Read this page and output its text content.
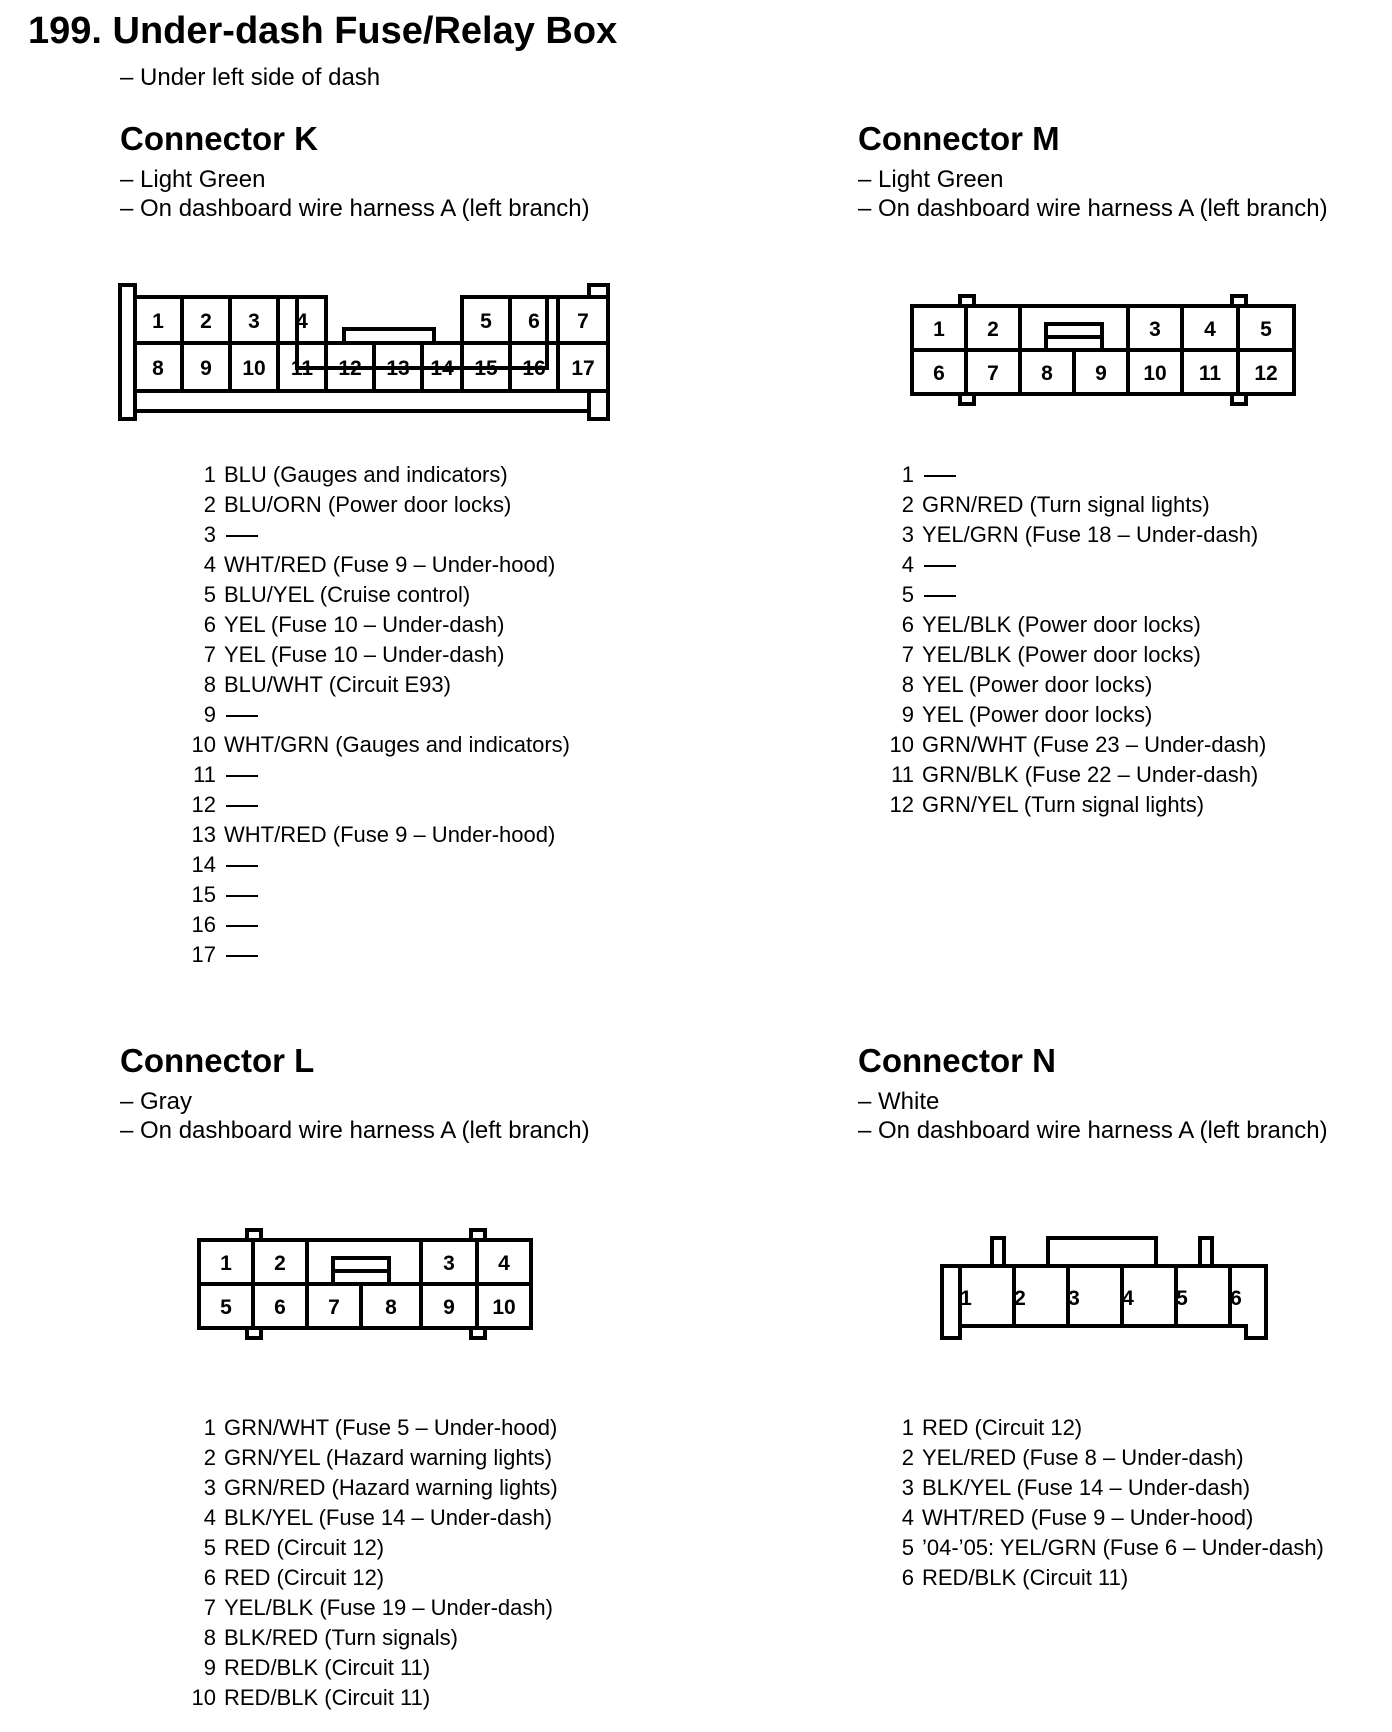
199. Under-dash Fuse/Relay Box
– Under left side of dash
Connector K
– Light Green
– On dashboard wire harness A (left branch)
1 2 3 4	5 6 7
8 9 10 11 12 13 14 15 16 17
1 BLU (Gauges and indicators)
2 BLU/ORN (Power door locks)
3
4 WHT/RED (Fuse 9 – Under-hood)
5 BLU/YEL (Cruise control)
6 YEL (Fuse 10 – Under-dash)
7 YEL (Fuse 10 – Under-dash)
8 BLU/WHT (Circuit E93)
9
10 WHT/GRN (Gauges and indicators)
11
12
13 WHT/RED (Fuse 9 – Under-hood)
14
15
16
17
Connector M
– Light Green
– On dashboard wire harness A (left branch)
1 2	3 4 5
6 7 8 9 10 11 12
1
2 GRN/RED (Turn signal lights)
3 YEL/GRN (Fuse 18 – Under-dash)
4
5
6 YEL/BLK (Power door locks)
7 YEL/BLK (Power door locks)
8 YEL (Power door locks)
9 YEL (Power door locks)
10 GRN/WHT (Fuse 23 – Under-dash)
11 GRN/BLK (Fuse 22 – Under-dash)
12 GRN/YEL (Turn signal lights)
Connector L
– Gray
– On dashboard wire harness A (left branch)
1 2	3 4
5 6 7 8 9 10
1 GRN/WHT (Fuse 5 – Under-hood)
2 GRN/YEL (Hazard warning lights)
3 GRN/RED (Hazard warning lights)
4 BLK/YEL (Fuse 14 – Under-dash)
5 RED (Circuit 12)
6 RED (Circuit 12)
7 YEL/BLK (Fuse 19 – Under-dash)
8 BLK/RED (Turn signals)
9 RED/BLK (Circuit 11)
10 RED/BLK (Circuit 11)
Connector N
– White
– On dashboard wire harness A (left branch)
1 2 3 4 5 6
1 RED (Circuit 12)
2 YEL/RED (Fuse 8 – Under-dash)
3 BLK/YEL (Fuse 14 – Under-dash)
4 WHT/RED (Fuse 9 – Under-hood)
5 ’04-’05: YEL/GRN (Fuse 6 – Under-dash)
6 RED/BLK (Circuit 11)
